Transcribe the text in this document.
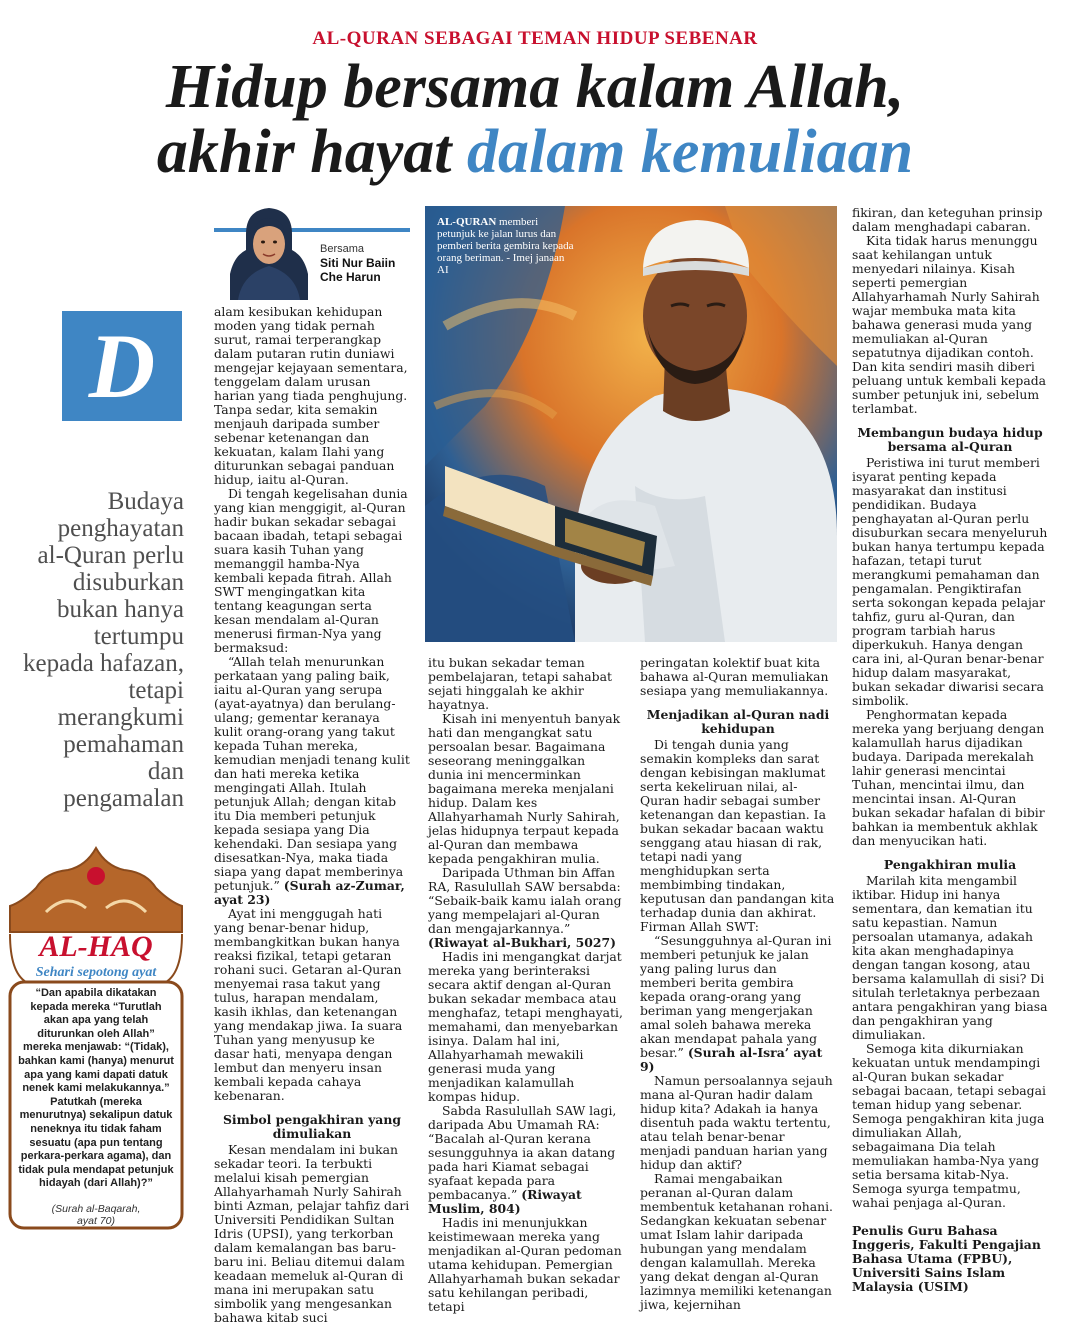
AL-QURAN SEBAGAI TEMAN HIDUP SEBENAR
Hidup bersama kalam Allah,
akhir hayat dalam kemuliaan
Bersama
Siti Nur Baiin
Che Harun
D
Budaya
penghayatan
al-Quran perlu
disuburkan
bukan hanya
tertumpu
kepada hafazan,
tetapi
merangkumi
pemahaman
dan
pengamalan
AL-QURAN memberi petunjuk ke jalan lurus dan pemberi berita gembira kepada orang beriman. - Imej janaan AI
AL-HAQ
Sehari sepotong ayat
“Dan apabila dikatakan kepada mereka “Turutlah akan apa yang telah diturunkan oleh Allah” mereka menjawab: “(Tidak), bahkan kami (hanya) menurut apa yang kami dapati datuk nenek kami melakukannya.” Patutkah (mereka menurutnya) sekalipun datuk neneknya itu tidak faham sesuatu (apa pun tentang perkara-perkara agama), dan tidak pula mendapat petunjuk hidayah (dari Allah)?”
(Surah al-Baqarah,
ayat 70)

alam kesibukan kehidupan moden yang tidak pernah surut, ramai terperangkap dalam putaran rutin duniawi mengejar kejayaan sementara, tenggelam dalam urusan harian yang tiada penghujung. Tanpa sedar, kita semakin menjauh daripada sumber sebenar ketenangan dan kekuatan, kalam Ilahi yang diturunkan sebagai panduan hidup, iaitu al-Quran.

Di tengah kegelisahan dunia yang kian menggigit, al-Quran hadir bukan sekadar sebagai bacaan ibadah, tetapi sebagai suara kasih Tuhan yang memanggil hamba-Nya kembali kepada fitrah. Allah SWT mengingatkan kita tentang keagungan serta kesan mendalam al-Quran menerusi firman-Nya yang bermaksud:

“Allah telah menurunkan perkataan yang paling baik, iaitu al-Quran yang serupa (ayat-ayatnya) dan berulang-ulang; gementar keranaya kulit orang-orang yang takut kepada Tuhan mereka, kemudian menjadi tenang kulit dan hati mereka ketika mengingati Allah. Itulah petunjuk Allah; dengan kitab itu Dia memberi petunjuk kepada sesiapa yang Dia kehendaki. Dan sesiapa yang disesatkan-Nya, maka tiada siapa yang dapat memberinya petunjuk.” (Surah az-Zumar, ayat 23)

Ayat ini menggugah hati yang benar-benar hidup, membangkitkan bukan hanya reaksi fizikal, tetapi getaran rohani suci. Getaran al-Quran menyemai rasa takut yang tulus, harapan mendalam, kasih ikhlas, dan ketenangan yang mendakap jiwa. Ia suara Tuhan yang menyusup ke dasar hati, menyapa dengan lembut dan menyeru insan kembali kepada cahaya kebenaran.

Simbol pengakhiran yang dimuliakan

Kesan mendalam ini bukan sekadar teori. Ia terbukti melalui kisah pemergian Allahyarhamah Nurly Sahirah binti Azman, pelajar tahfiz dari Universiti Pendidikan Sultan Idris (UPSI), yang terkorban dalam kemalangan bas baru-baru ini. Beliau ditemui dalam keadaan memeluk al-Quran di mana ini merupakan satu simbolik yang mengesankan bahawa kitab suci

itu bukan sekadar teman pembelajaran, tetapi sahabat sejati hinggalah ke akhir hayatnya.

Kisah ini menyentuh banyak hati dan mengangkat satu persoalan besar. Bagaimana seseorang meninggalkan dunia ini mencerminkan bagaimana mereka menjalani hidup. Dalam kes Allahyarhamah Nurly Sahirah, jelas hidupnya terpaut kepada al-Quran dan membawa kepada pengakhiran mulia.

Daripada Uthman bin Affan RA, Rasulullah SAW bersabda: “Sebaik-baik kamu ialah orang yang mempelajari al-Quran dan mengajarkannya.” (Riwayat al-Bukhari, 5027)

Hadis ini mengangkat darjat mereka yang berinteraksi secara aktif dengan al-Quran bukan sekadar membaca atau menghafaz, tetapi menghayati, memahami, dan menyebarkan isinya. Dalam hal ini, Allahyarhamah mewakili generasi muda yang menjadikan kalamullah kompas hidup.

Sabda Rasulullah SAW lagi, daripada Abu Umamah RA: “Bacalah al-Quran kerana sesungguhnya ia akan datang pada hari Kiamat sebagai syafaat kepada para pembacanya.” (Riwayat Muslim, 804)

Hadis ini menunjukkan keistimewaan mereka yang menjadikan al-Quran pedoman utama kehidupan. Pemergian Allahyarhamah bukan sekadar satu kehilangan peribadi, tetapi

peringatan kolektif buat kita bahawa al-Quran memuliakan sesiapa yang memuliakannya.

Menjadikan al-Quran nadi kehidupan

Di tengah dunia yang semakin kompleks dan sarat dengan kebisingan maklumat serta kekeliruan nilai, al-Quran hadir sebagai sumber ketenangan dan kepastian. Ia bukan sekadar bacaan waktu senggang atau hiasan di rak, tetapi nadi yang menghidupkan serta membimbing tindakan, keputusan dan pandangan kita terhadap dunia dan akhirat.

Firman Allah SWT:

“Sesungguhnya al-Quran ini memberi petunjuk ke jalan yang paling lurus dan memberi berita gembira kepada orang-orang yang beriman yang mengerjakan amal soleh bahawa mereka akan mendapat pahala yang besar.” (Surah al-Isra’ ayat 9)

Namun persoalannya sejauh mana al-Quran hadir dalam hidup kita? Adakah ia hanya disentuh pada waktu tertentu, atau telah benar-benar menjadi panduan harian yang hidup dan aktif?

Ramai mengabaikan peranan al-Quran dalam membentuk ketahanan rohani. Sedangkan kekuatan sebenar umat Islam lahir daripada hubungan yang mendalam dengan kalamullah. Mereka yang dekat dengan al-Quran lazimnya memiliki ketenangan jiwa, kejernihan

fikiran, dan keteguhan prinsip dalam menghadapi cabaran.

Kita tidak harus menunggu saat kehilangan untuk menyedari nilainya. Kisah seperti pemergian Allahyarhamah Nurly Sahirah wajar membuka mata kita bahawa generasi muda yang memuliakan al-Quran sepatutnya dijadikan contoh. Dan kita sendiri masih diberi peluang untuk kembali kepada sumber petunjuk ini, sebelum terlambat.

Membangun budaya hidup bersama al-Quran

Peristiwa ini turut memberi isyarat penting kepada masyarakat dan institusi pendidikan. Budaya penghayatan al-Quran perlu disuburkan secara menyeluruh bukan hanya tertumpu kepada hafazan, tetapi turut merangkumi pemahaman dan pengamalan. Pengiktirafan serta sokongan kepada pelajar tahfiz, guru al-Quran, dan program tarbiah harus diperkukuh. Hanya dengan cara ini, al-Quran benar-benar hidup dalam masyarakat, bukan sekadar diwarisi secara simbolik.

Penghormatan kepada mereka yang berjuang dengan kalamullah harus dijadikan budaya. Daripada merekalah lahir generasi mencintai Tuhan, mencintai ilmu, dan mencintai insan. Al-Quran bukan sekadar hafalan di bibir bahkan ia membentuk akhlak dan menyucikan hati.

Pengakhiran mulia

Marilah kita mengambil iktibar. Hidup ini hanya sementara, dan kematian itu satu kepastian. Namun persoalan utamanya, adakah kita akan menghadapinya dengan tangan kosong, atau bersama kalamullah di sisi? Di situlah terletaknya perbezaan antara pengakhiran yang biasa dan pengakhiran yang dimuliakan.

Semoga kita dikurniakan kekuatan untuk mendampingi al-Quran bukan sekadar sebagai bacaan, tetapi sebagai teman hidup yang sebenar. Semoga pengakhiran kita juga dimuliakan Allah, sebagaimana Dia telah memuliakan hamba-Nya yang setia bersama kitab-Nya. Semoga syurga tempatmu, wahai penjaga al-Quran.

Penulis Guru Bahasa Inggeris, Fakulti Pengajian Bahasa Utama (FPBU), Universiti Sains Islam Malaysia (USIM)
